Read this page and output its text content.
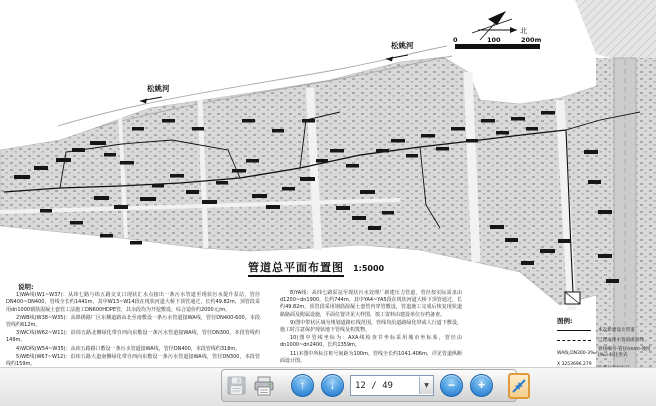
北
0	100	200m
松姚河
松姚河
管道总平面布置图 1:5000
说明:

1)WA线(W1~W37)：从纬七路与纬五路交叉口现状汇水点接出一条污水管道至现状污水提升泵站，管径DN400~DN400，管线全长约1441m，其中W13~W14段在现状河道大桥下顶管通过，长约49.82m，顶管段采用dn1000钢筋混凝土套管工法施工DN600HDPE管，其余段均为开挖敷设，综合造价约2000元/m。

2)WB线(W38~W35)：从绵绣路厂区东侧道路由北至南敷设一条污水管道接WA线，管径DN400-600，本段管线约612m。

3)WC线(W62~W11)：沿纬五路北侧绿化带自西向东敷设一条污水管道接WA线，管径DN300，本段管线约149m。

4)WD线(W54~W35)：从纬五路路口敷设一条污水管道接WA线，管径DN400，本段管线约318m。

5)WE线(W67~W12)：沿纬五路大道南侧绿化带自西向东敷设一条污水管道接WA线，管径DN300，本段管线约159m。

8)YA线：从纬七路泵站至现状污水处理厂新建压力管道，管径按实际需求由d1200~dn1900，长约744m，其中YA4~YA5段在现状河道大桥下顶管通过，长约49.82m，顶管段采用钢筋混凝土套管内穿管敷设，管道施工完成后恢复现状道路路面及附属设施，平面位置详见大样图，竣工资料由建设单位存档备查。

9)图中带状区域为规划道路红线范围，管线均沿道路绿化带或人行道下敷设，施工时注意保护现状地下管线及构筑物。

10)图中管线坐标为：AXA线检查井坐标采用城市坐标系，管径由dn1000~dn2400，长约1359m。

11)本图中所标注桩号间距为100m，管线全长约1041.406m，详见管道纵断面设计图。

图例:
本次新建设计管道
已建成排水管道或管线
WA线,DN300-3‰
管线编号-管径(mm)-坡度(‰) 标注形式
X 3253696.279

↑ ↓
12 / 49	▼ − +
